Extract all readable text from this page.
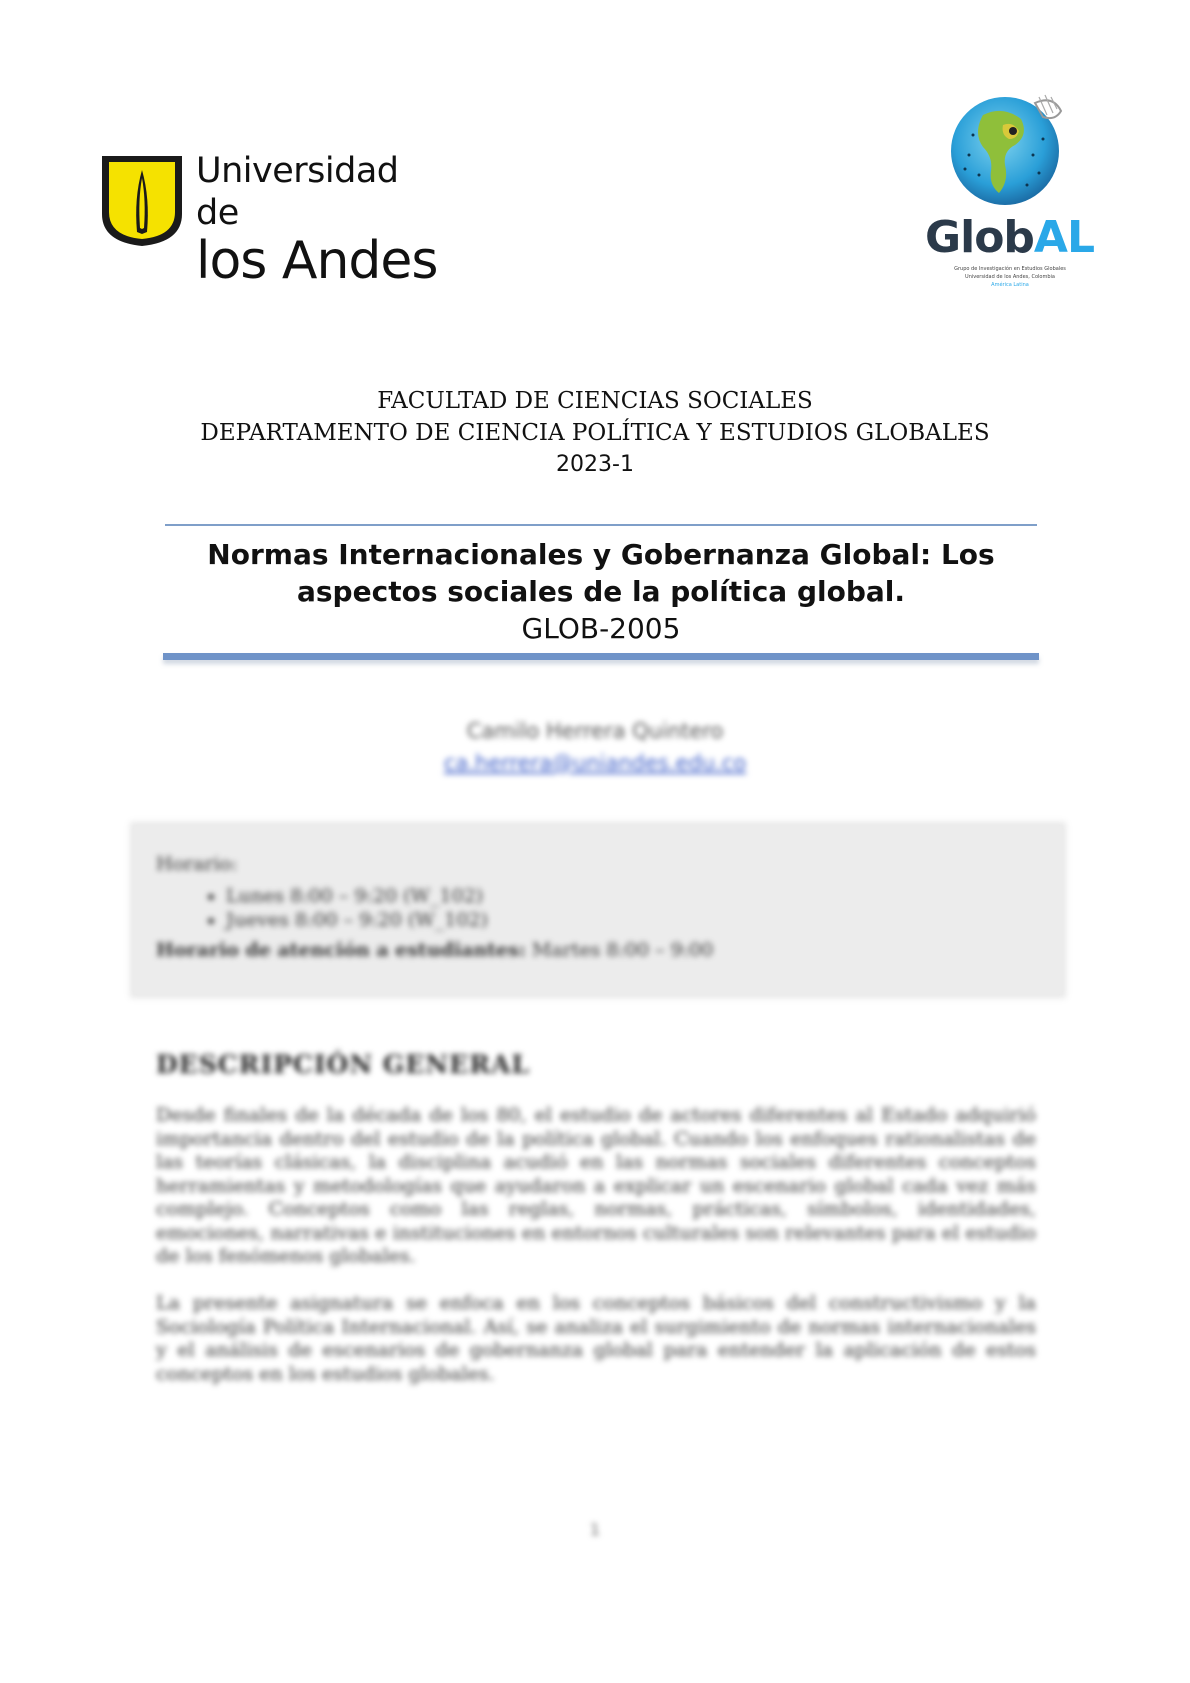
Universidad de
los Andes	GlobAL
Grupo de Investigación en Estudios Globales
Universidad de los Andes, Colombia
América Latina
FACULTAD DE CIENCIAS SOCIALES
DEPARTAMENTO DE CIENCIA POLÍTICA Y ESTUDIOS GLOBALES
2023-1
Normas Internacionales y Gobernanza Global: Los
aspectos sociales de la política global.
GLOB-2005
Camilo Herrera Quintero
ca.herrera@uniandes.edu.co
Horario:
• Lunes 8:00 – 9:20 (W_102)
• Jueves 8:00 – 9:20 (W_102)
Horario de atención a estudiantes: Martes 8:00 – 9:00
DESCRIPCIÓN GENERAL
Desde finales de la década de los 80, el estudio de actores diferentes al Estado adquirió importancia dentro del estudio de la política global. Cuando los enfoques rationalistas de las teorías clásicas, la disciplina acudió en las normas sociales diferentes conceptos herramientas y metodologías que ayudaron a explicar un escenario global cada vez más complejo. Conceptos como las reglas, normas, prácticas, símbolos, identidades, emociones, narrativas e instituciones en entornos culturales son relevantes para el estudio de los fenómenos globales.
La presente asignatura se enfoca en los conceptos básicos del constructivismo y la Sociología Política Internacional. Así, se analiza el surgimiento de normas internacionales y el análisis de escenarios de gobernanza global para entender la aplicación de estos conceptos en los estudios globales.
1
